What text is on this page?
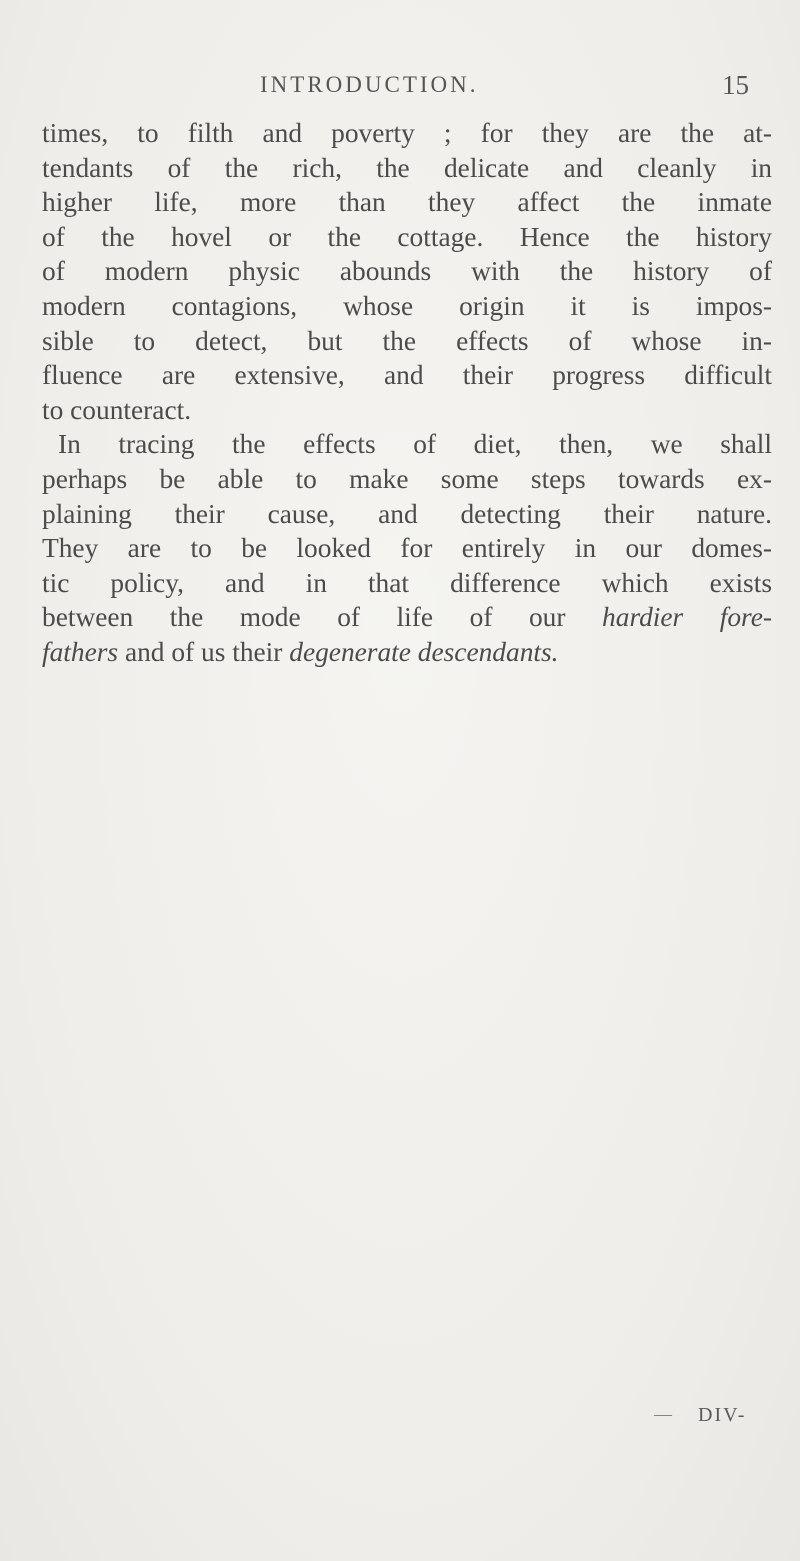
INTRODUCTION.	15
times, to filth and poverty ; for they are the at-
tendants of the rich, the delicate and cleanly in
higher life, more than they affect the inmate
of the hovel or the cottage. Hence the history
of modern physic abounds with the history of
modern contagions, whose origin it is impos-
sible to detect, but the effects of whose in-
fluence are extensive, and their progress difficult
to counteract.
In tracing the effects of diet, then, we shall
perhaps be able to make some steps towards ex-
plaining their cause, and detecting their nature.
They are to be looked for entirely in our domes-
tic policy, and in that difference which exists
between the mode of life of our hardier fore-
fathers and of us their degenerate descendants.
— DIV-
